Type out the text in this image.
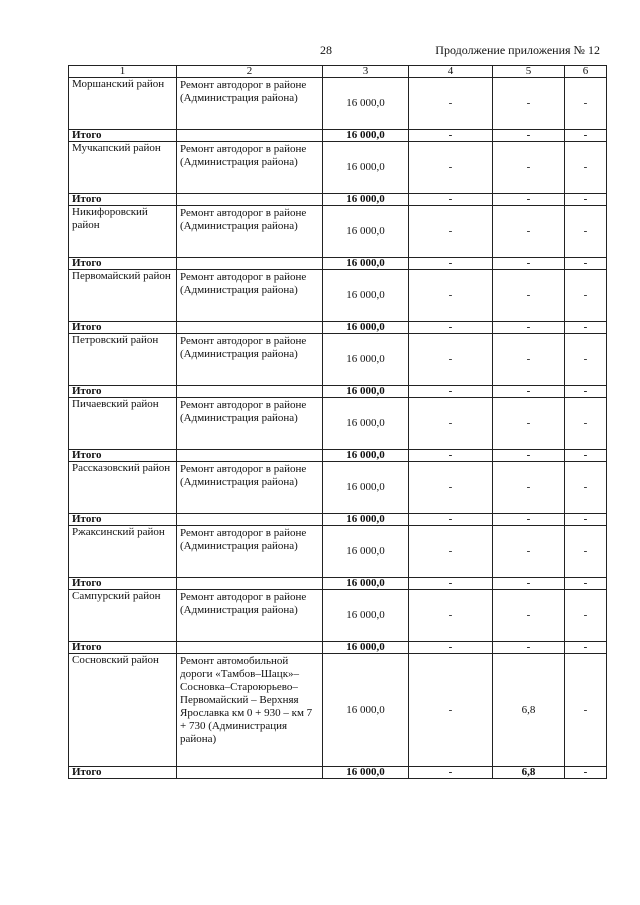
28	Продолжение приложения № 12
1	2	3	4	5	6
Моршанский район	Ремонт автодорог в районе (Администрация района)	16 000,0	-	-	-
Итого		16 000,0	-	-	-
Мучкапский район	Ремонт автодорог в районе (Администрация района)	16 000,0	-	-	-
Итого		16 000,0	-	-	-
Никифоровский район	Ремонт автодорог в районе (Администрация района)	16 000,0	-	-	-
Итого		16 000,0	-	-	-
Первомайский район	Ремонт автодорог в районе (Администрация района)	16 000,0	-	-	-
Итого		16 000,0	-	-	-
Петровский район	Ремонт автодорог в районе (Администрация района)	16 000,0	-	-	-
Итого		16 000,0	-	-	-
Пичаевский район	Ремонт автодорог в районе (Администрация района)	16 000,0	-	-	-
Итого		16 000,0	-	-	-
Рассказовский район	Ремонт автодорог в районе (Администрация района)	16 000,0	-	-	-
Итого		16 000,0	-	-	-
Ржаксинский район	Ремонт автодорог в районе (Администрация района)	16 000,0	-	-	-
Итого		16 000,0	-	-	-
Сампурский район	Ремонт автодорог в районе (Администрация района)	16 000,0	-	-	-
Итого		16 000,0	-	-	-
Сосновский район	Ремонт автомобильной дороги «Тамбов–Шацк»–Сосновка–Староюрьево–Первомайский – Верхняя Ярославка км 0 + 930 – км 7 + 730 (Администрация района)	16 000,0	-	6,8	-
Итого		16 000,0	-	6,8	-
